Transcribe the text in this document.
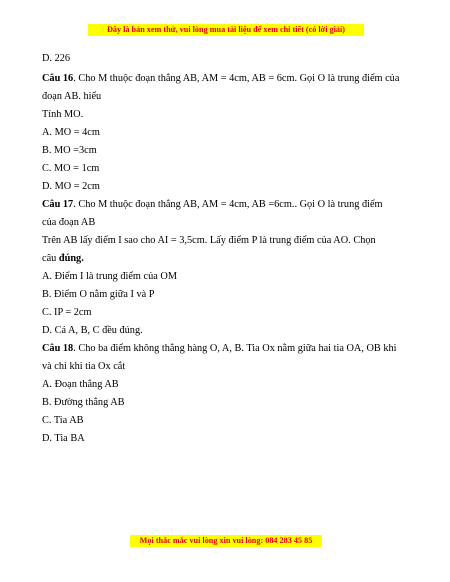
Đây là bản xem thử, vui lòng mua tài liệu để xem chi tiết (có lời giải)
D. 226
Câu 16. Cho M thuộc đoạn thẳng AB, AM = 4cm, AB = 6cm. Gọi O là trung điểm của
đoạn AB. hiểu
Tính MO.
A. MO = 4cm
B. MO =3cm
C. MO = 1cm
D. MO = 2cm
Câu 17. Cho M thuộc đoạn thẳng AB, AM = 4cm, AB =6cm.. Gọi O là trung điểm
của đoạn AB
Trên AB lấy điểm I sao cho AI = 3,5cm. Lấy điểm P là trung điểm của AO. Chọn
câu đúng.
A. Điểm I là trung điểm của OM
B. Điểm O nằm giữa I và P
C. IP = 2cm
D. Cả A, B, C đều đúng.
Câu 18. Cho ba điểm không thẳng hàng O, A, B. Tia Ox nằm giữa hai tia OA, OB khi
và chỉ khi tia Ox cắt
A. Đoạn thẳng AB
B. Đường thẳng AB
C. Tia AB
D. Tia BA
Mọi thắc mắc vui lòng xin vui lòng: 084 283 45 85
